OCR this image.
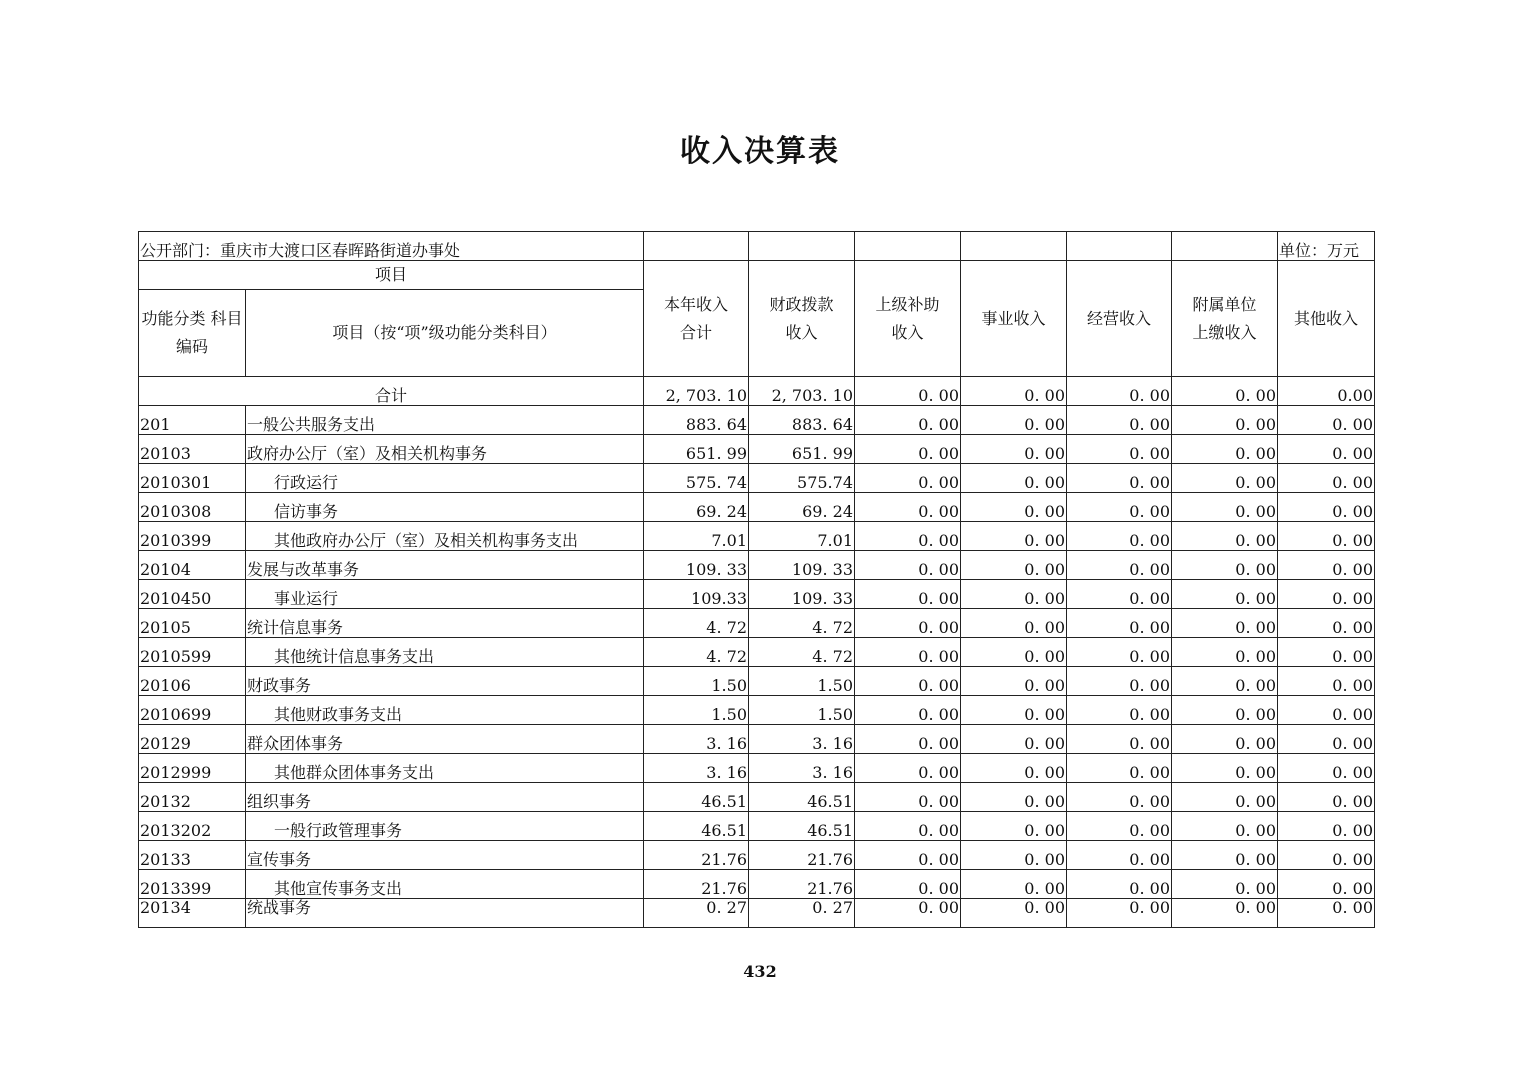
收入决算表
公开部门：重庆市大渡口区春晖路街道办事处								单位：万元
项目		本年收入合计	财政拨款收入	上级补助收入	事业收入	经营收入	附属单位上缴收入	其他收入
功能分类 科目编码	项目（按“项”级功能分类科目）							
合计		2, 703. 10	2, 703. 10	0. 00	0. 00	0. 00	0. 00	0.00
201	一般公共服务支出	883. 64	883. 64	0. 00	0. 00	0. 00	0. 00	0. 00
20103	政府办公厅（室）及相关机构事务	651. 99	651. 99	0. 00	0. 00	0. 00	0. 00	0. 00
2010301	行政运行	575. 74	575.74	0. 00	0. 00	0. 00	0. 00	0. 00
2010308	信访事务	69. 24	69. 24	0. 00	0. 00	0. 00	0. 00	0. 00
2010399	其他政府办公厅（室）及相关机构事务支出	7.01	7.01	0. 00	0. 00	0. 00	0. 00	0. 00
20104	发展与改革事务	109. 33	109. 33	0. 00	0. 00	0. 00	0. 00	0. 00
2010450	事业运行	109.33	109. 33	0. 00	0. 00	0. 00	0. 00	0. 00
20105	统计信息事务	4. 72	4. 72	0. 00	0. 00	0. 00	0. 00	0. 00
2010599	其他统计信息事务支出	4. 72	4. 72	0. 00	0. 00	0. 00	0. 00	0. 00
20106	财政事务	1.50	1.50	0. 00	0. 00	0. 00	0. 00	0. 00
2010699	其他财政事务支出	1.50	1.50	0. 00	0. 00	0. 00	0. 00	0. 00
20129	群众团体事务	3. 16	3. 16	0. 00	0. 00	0. 00	0. 00	0. 00
2012999	其他群众团体事务支出	3. 16	3. 16	0. 00	0. 00	0. 00	0. 00	0. 00
20132	组织事务	46.51	46.51	0. 00	0. 00	0. 00	0. 00	0. 00
2013202	一般行政管理事务	46.51	46.51	0. 00	0. 00	0. 00	0. 00	0. 00
20133	宣传事务	21.76	21.76	0. 00	0. 00	0. 00	0. 00	0. 00
2013399	其他宣传事务支出	21.76	21.76	0. 00	0. 00	0. 00	0. 00	0. 00
20134	统战事务	0. 27	0. 27	0. 00	0. 00	0. 00	0. 00	0. 00
432
